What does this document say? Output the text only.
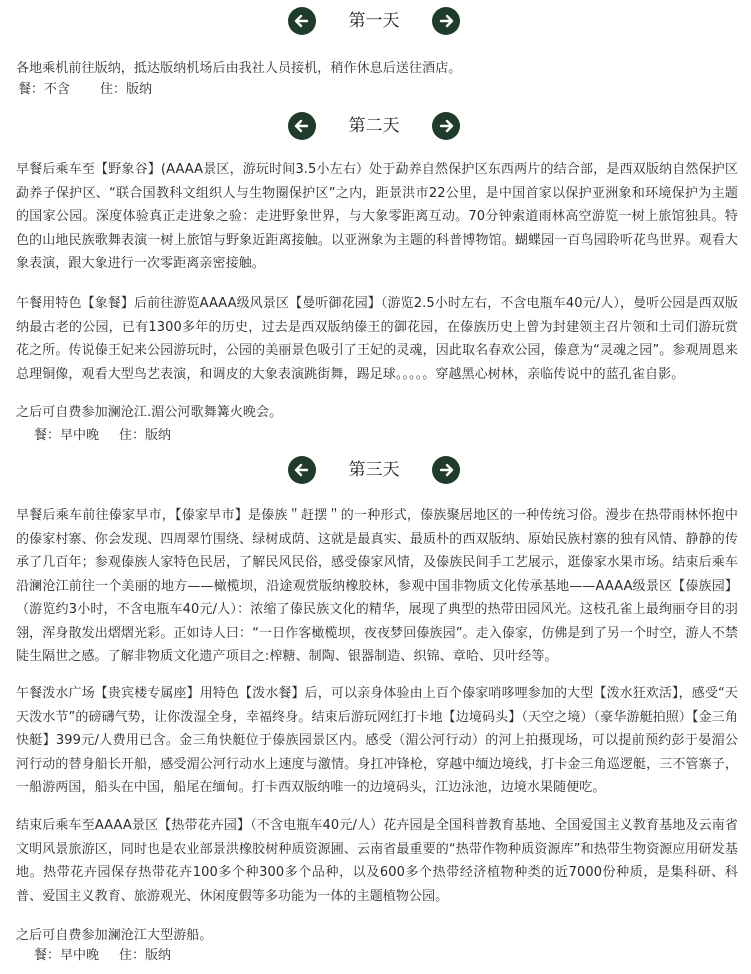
第一天

各地乘机前往版纳，抵达版纳机场后由我社人员接机，稍作休息后送往酒店。

餐：不含 住：版纳
第二天

早餐后乘车至【野象谷】(AAAA景区，游玩时间3.5小左右）处于勐养自然保护区东西两片的结合部，是西双版纳自然保护区勐养子保护区、“联合国教科文组织人与生物圈保护区”之内，距景洪市22公里，是中国首家以保护亚洲象和环境保护为主题的国家公园。深度体验真正走进象之验：走进野象世界，与大象零距离互动。70分钟索道雨林高空游览一树上旅馆独具。特色的山地民族歌舞表演一树上旅馆与野象近距离接触。以亚洲象为主题的科普博物馆。蝴蝶园一百鸟园聆听花鸟世界。观看大象表演，跟大象进行一次零距离亲密接触。

午餐用特色【象餐】后前往游览AAAA级风景区【曼听御花园】（游览2.5小时左右，不含电瓶车40元/人），曼听公园是西双版纳最古老的公园，已有1300多年的历史，过去是西双版纳傣王的御花园，在傣族历史上曾为封建领主召片领和土司们游玩赏花之所。传说傣王妃来公园游玩时，公园的美丽景色吸引了王妃的灵魂，因此取名春欢公园，傣意为“灵魂之园”。参观周恩来总理铜像，观看大型鸟艺表演，和调皮的大象表演跳街舞，踢足球。。。。。穿越黑心树林，亲临传说中的蓝孔雀自影。

之后可自费参加澜沧江.湄公河歌舞篝火晚会。

餐：早中晚 住：版纳
第三天

早餐后乘车前往傣家早市，【傣家早市】是傣族＂赶摆＂的一种形式，傣族聚居地区的一种传统习俗。漫步在热带雨林怀抱中的傣家村寨、你会发现、四周翠竹围绕、绿树成荫、这就是最真实、最质朴的西双版纳、原始民族村寨的独有风情、静静的传承了几百年；参观傣族人家特色民居，了解民风民俗，感受傣家风情，及傣族民间手工艺展示，逛傣家水果市场。结束后乘车沿澜沧江前往一个美丽的地方——橄榄坝，沿途观赏版纳橡胶林，参观中国非物质文化传承基地——AAAA级景区【傣族园】（游览约3小时，不含电瓶车40元/人）：浓缩了傣民族文化的精华，展现了典型的热带田园风光。这枝孔雀上最绚丽夺目的羽翎，浑身散发出熠熠光彩。正如诗人曰：“一日作客橄榄坝，夜夜梦回傣族园”。走入傣家，仿佛是到了另一个时空，游人不禁陡生隔世之感。了解非物质文化遗产项目之:榨糖、制陶、银器制造、织锦、章哈、贝叶经等。

午餐泼水广场【贵宾楼专属座】用特色【泼水餐】后，可以亲身体验由上百个傣家哨哆哩参加的大型【泼水狂欢活】，感受“天天泼水节”的磅礴气势，让你泼湿全身，幸福终身。结束后游玩网红打卡地【边境码头】（天空之境）（豪华游艇拍照）【金三角快艇】399元/人费用已含。金三角快艇位于傣族园景区内。感受（湄公河行动）的河上拍摄现场，可以提前预约彭于晏湄公河行动的替身船长开船，感受湄公河行动水上速度与激情。身扛冲锋枪，穿越中缅边境线，打卡金三角巡逻艇，三不管寨子，一船游两国，船头在中国，船尾在缅甸。打卡西双版纳唯一的边境码头，江边泳池，边境水果随便吃。

结束后乘车至AAAA景区【热带花卉园】（不含电瓶车40元/人）花卉园是全国科普教育基地、全国爱国主义教育基地及云南省文明风景旅游区，同时也是农业部景洪橡胶树种质资源圃、云南省最重要的“热带作物种质资源库”和热带生物资源应用研发基地。热带花卉园保存热带花卉100多个种300多个品种，以及600多个热带经济植物种类的近7000份种质，是集科研、科普、爱国主义教育、旅游观光、休闲度假等多功能为一体的主题植物公园。

之后可自费参加澜沧江大型游船。

餐：早中晚 住：版纳
